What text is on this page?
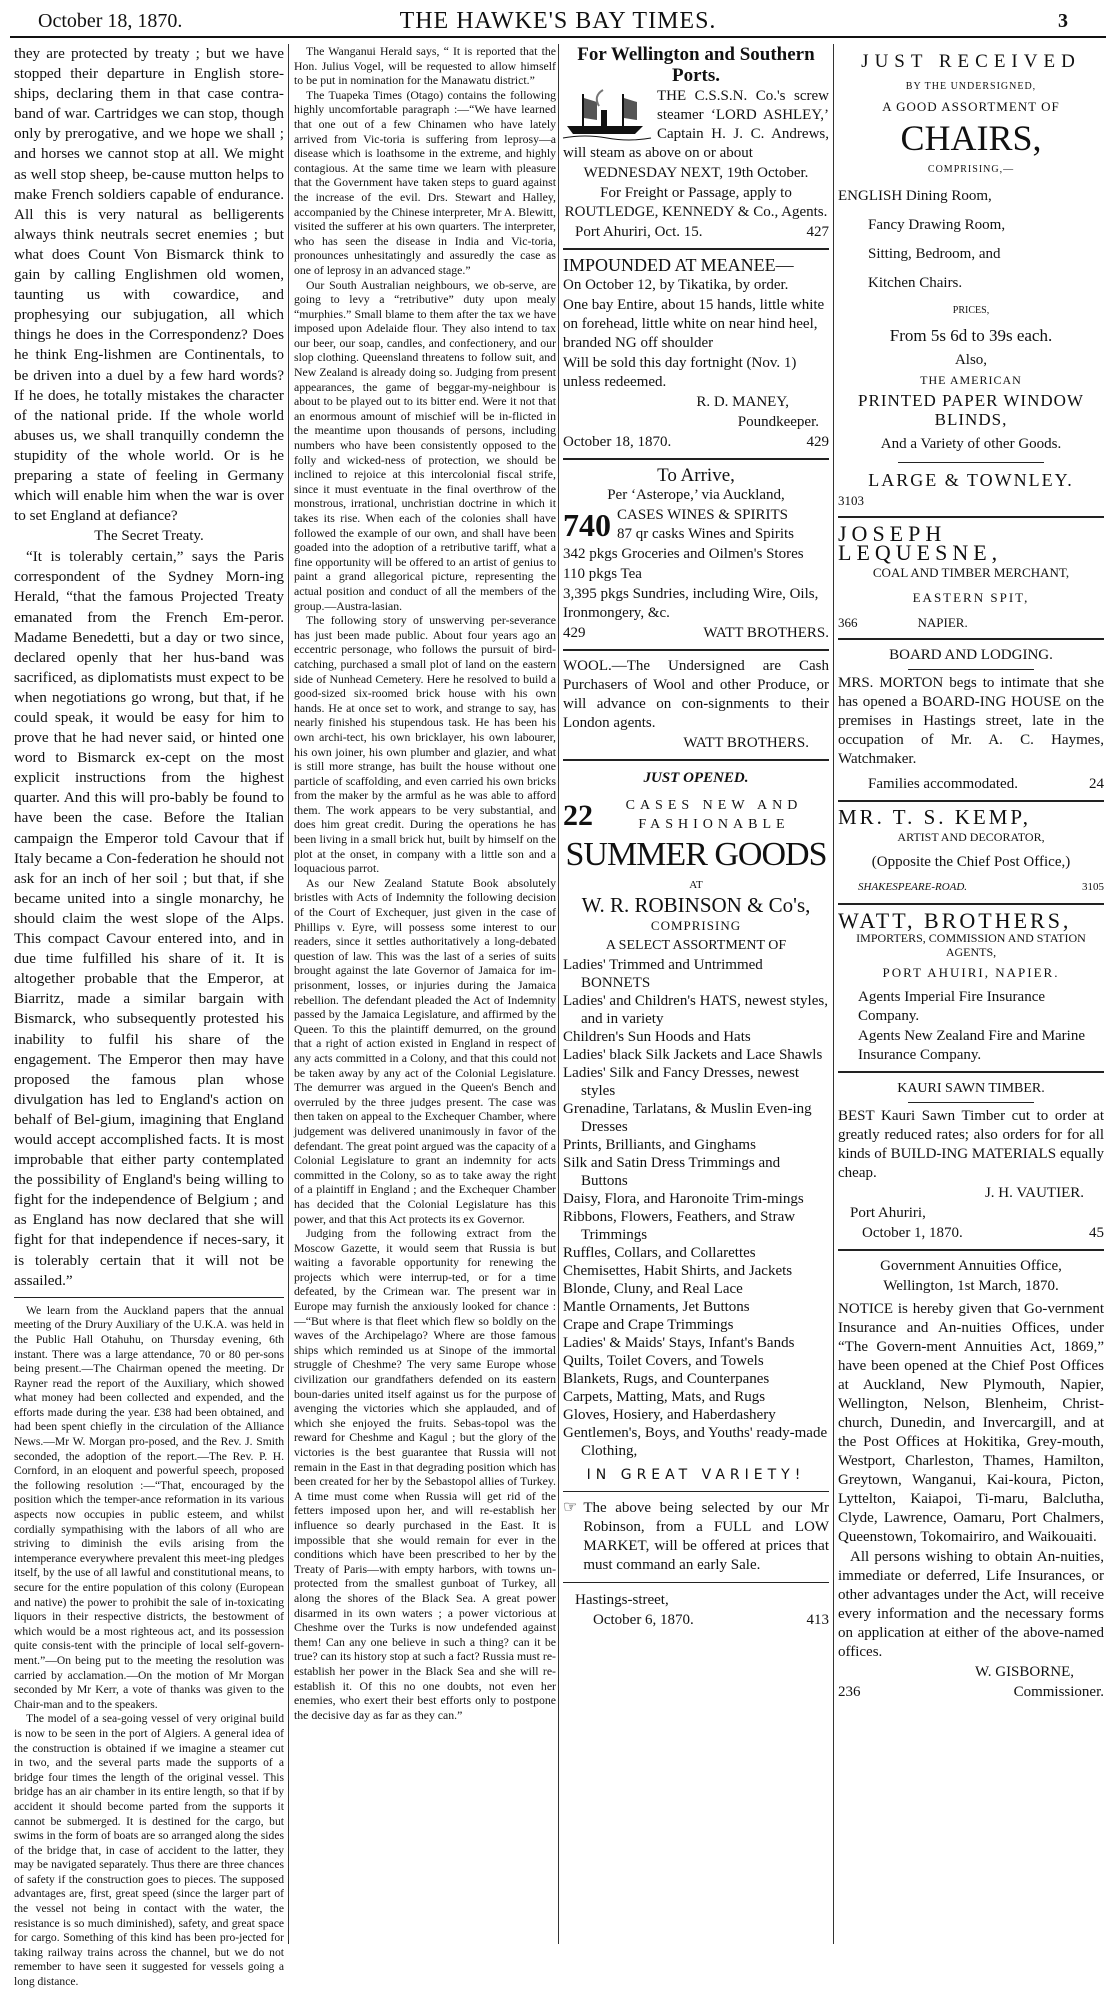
October 18, 1870.	THE HAWKE'S BAY TIMES.	3

they are protected by treaty ; but we have stopped their departure in English store-ships, declaring them in that case contra-band of war. Cartridges we can stop, though only by prerogative, and we hope we shall ; and horses we cannot stop at all. We might as well stop sheep, be-cause mutton helps to make French soldiers capable of endurance. All this is very natural as belligerents always think neutrals secret enemies ; but what does Count Von Bismarck think to gain by calling Englishmen old women, taunting us with cowardice, and prophesying our subjugation, all which things he does in the Correspondenz? Does he think Eng-lishmen are Continentals, to be driven into a duel by a few hard words? If he does, he totally mistakes the character of the national pride. If the whole world abuses us, we shall tranquilly condemn the stupidity of the whole world. Or is he preparing a state of feeling in Germany which will enable him when the war is over to set England at defiance?

The Secret Treaty.

“It is tolerably certain,” says the Paris correspondent of the Sydney Morn-ing Herald, “that the famous Projected Treaty emanated from the French Em-peror. Madame Benedetti, but a day or two since, declared openly that her hus-band was sacrificed, as diplomatists must expect to be when negotiations go wrong, but that, if he could speak, it would be easy for him to prove that he had never said, or hinted one word to Bismarck ex-cept on the most explicit instructions from the highest quarter. And this will pro-bably be found to have been the case. Before the Italian campaign the Emperor told Cavour that if Italy became a Con-federation he should not ask for an inch of her soil ; but that, if she became united into a single monarchy, he should claim the west slope of the Alps. This compact Cavour entered into, and in due time fulfilled his share of it. It is altogether probable that the Emperor, at Biarritz, made a similar bargain with Bismarck, who subsequently protested his inability to fulfil his share of the engagement. The Emperor then may have proposed the famous plan whose divulgation has led to England's action on behalf of Bel-gium, imagining that England would accept accomplished facts. It is most improbable that either party contemplated the possibility of England's being willing to fight for the independence of Belgium ; and as England has now declared that she will fight for that independence if neces-sary, it is tolerably certain that it will not be assailed.”

We learn from the Auckland papers that the annual meeting of the Drury Auxiliary of the U.K.A. was held in the Public Hall Otahuhu, on Thursday evening, 6th instant. There was a large attendance, 70 or 80 per-sons being present.—The Chairman opened the meeting. Dr Rayner read the report of the Auxiliary, which showed what money had been collected and expended, and the efforts made during the year. £38 had been obtained, and had been spent chiefly in the circulation of the Alliance News.—Mr W. Morgan pro-posed, and the Rev. J. Smith seconded, the adoption of the report.—The Rev. P. H. Cornford, in an eloquent and powerful speech, proposed the following resolution :—“That, encouraged by the position which the temper-ance reformation in its various aspects now occupies in public esteem, and whilst cordially sympathising with the labors of all who are striving to diminish the evils arising from the intemperance everywhere prevalent this meet-ing pledges itself, by the use of all lawful and constitutional means, to secure for the entire population of this colony (European and native) the power to prohibit the sale of in-toxicating liquors in their respective districts, the bestowment of which would be a most righteous act, and its possession quite consis-tent with the principle of local self-govern-ment.”—On being put to the meeting the resolution was carried by acclamation.—On the motion of Mr Morgan seconded by Mr Kerr, a vote of thanks was given to the Chair-man and to the speakers.

The model of a sea-going vessel of very original build is now to be seen in the port of Algiers. A general idea of the construction is obtained if we imagine a steamer cut in two, and the several parts made the supports of a bridge four times the length of the original vessel. This bridge has an air chamber in its entire length, so that if by accident it should become parted from the supports it cannot be submerged. It is destined for the cargo, but swims in the form of boats are so arranged along the sides of the bridge that, in case of accident to the latter, they may be navigated separately. Thus there are three chances of safety if the construction goes to pieces. The supposed advantages are, first, great speed (since the larger part of the vessel not being in contact with the water, the resistance is so much diminished), safety, and great space for cargo. Something of this kind has been pro-jected for taking railway trains across the channel, but we do not remember to have seen it suggested for vessels going a long distance.

The Wanganui Herald says, “ It is reported that the Hon. Julius Vogel, will be requested to allow himself to be put in nomination for the Manawatu district.”

The Tuapeka Times (Otago) contains the following highly uncomfortable paragraph :—“We have learned that one out of a few Chinamen who have lately arrived from Vic-toria is suffering from leprosy—a disease which is loathsome in the extreme, and highly contagious. At the same time we learn with pleasure that the Government have taken steps to guard against the increase of the evil. Drs. Stewart and Halley, accompanied by the Chinese interpreter, Mr A. Blewitt, visited the sufferer at his own quarters. The interpreter, who has seen the disease in India and Vic-toria, pronounces unhesitatingly and assuredly the case as one of leprosy in an advanced stage.”

Our South Australian neighbours, we ob-serve, are going to levy a “retributive” duty upon mealy “murphies.” Small blame to them after the tax we have imposed upon Adelaide flour. They also intend to tax our beer, our soap, candles, and confectionery, and our slop clothing. Queensland threatens to follow suit, and New Zealand is already doing so. Judging from present appearances, the game of beggar-my-neighbour is about to be played out to its bitter end. Were it not that an enormous amount of mischief will be in-flicted in the meantime upon thousands of persons, including numbers who have been consistently opposed to the folly and wicked-ness of protection, we should be inclined to rejoice at this intercolonial fiscal strife, since it must eventuate in the final overthrow of the monstrous, irrational, unchristian doctrine in which it takes its rise. When each of the colonies shall have followed the example of our own, and shall have been goaded into the adoption of a retributive tariff, what a fine opportunity will be offered to an artist of genius to paint a grand allegorical picture, representing the actual position and conduct of all the members of the group.—Austra-lasian.

The following story of unswerving per-severance has just been made public. About four years ago an eccentric personage, who follows the pursuit of bird-catching, purchased a small plot of land on the eastern side of Nunhead Cemetery. Here he resolved to build a good-sized six-roomed brick house with his own hands. He at once set to work, and strange to say, has nearly finished his stupendous task. He has been his own archi-tect, his own bricklayer, his own labourer, his own joiner, his own plumber and glazier, and what is still more strange, has built the house without one particle of scaffolding, and even carried his own bricks from the maker by the armful as he was able to afford them. The work appears to be very substantial, and does him great credit. During the operations he has been living in a small brick hut, built by himself on the plot at the onset, in company with a little son and a loquacious parrot.

As our New Zealand Statute Book absolutely bristles with Acts of Indemnity the following decision of the Court of Exchequer, just given in the case of Phillips v. Eyre, will possess some interest to our readers, since it settles authoritatively a long-debated question of law. This was the last of a series of suits brought against the late Governor of Jamaica for im-prisonment, losses, or injuries during the Jamaica rebellion. The defendant pleaded the Act of Indemnity passed by the Jamaica Legislature, and affirmed by the Queen. To this the plaintiff demurred, on the ground that a right of action existed in England in respect of any acts committed in a Colony, and that this could not be taken away by any act of the Colonial Legislature. The demurrer was argued in the Queen's Bench and overruled by the three judges present. The case was then taken on appeal to the Exchequer Chamber, where judgement was delivered unanimously in favor of the defendant. The great point argued was the capacity of a Colonial Legislature to grant an indemnity for acts committed in the Colony, so as to take away the right of a plaintiff in England ; and the Exchequer Chamber has decided that the Colonial Legislature has this power, and that this Act protects its ex Governor.

Judging from the following extract from the Moscow Gazette, it would seem that Russia is but waiting a favorable opportunity for renewing the projects which were interrup-ted, or for a time defeated, by the Crimean war. The present war in Europe may furnish the anxiously looked for chance :—“But where is that fleet which flew so boldly on the waves of the Archipelago? Where are those famous ships which reminded us at Sinope of the immortal struggle of Cheshme? The very same Europe whose civilization our grandfathers defended on its eastern boun-daries united itself against us for the purpose of avenging the victories which she applauded, and of which she enjoyed the fruits. Sebas-topol was the reward for Cheshme and Kagul ; but the glory of the victories is the best guarantee that Russia will not remain in the East in that degrading position which has been created for her by the Sebastopol allies of Turkey. A time must come when Russia will get rid of the fetters imposed upon her, and will re-establish her influence so dearly purchased in the East. It is impossible that she would remain for ever in the conditions which have been prescribed to her by the Treaty of Paris—with empty harbors, with towns un-protected from the smallest gunboat of Turkey, all along the shores of the Black Sea. A great power disarmed in its own waters ; a power victorious at Cheshme over the Turks is now undefended against them! Can any one believe in such a thing? can it be true? can its history stop at such a fact? Russia must re-establish her power in the Black Sea and she will re-establish it. Of this no one doubts, not even her enemies, who exert their best efforts only to postpone the decisive day as far as they can.”

For Wellington and Southern Ports.

THE C.S.S.N. Co.'s screw steamer ‘LORD ASHLEY,’ Captain H. J. C. Andrews, will steam as above on or about

WEDNESDAY NEXT, 19th October.

For Freight or Passage, apply to ROUTLEDGE, KENNEDY & Co., Agents.

Port Ahuriri, Oct. 15.	427

IMPOUNDED AT MEANEE—

On October 12, by Tikatika, by order.

One bay Entire, about 15 hands, little white on forehead, little white on near hind heel, branded NG off shoulder

Will be sold this day fortnight (Nov. 1) unless redeemed.

R. D. MANEY,

Poundkeeper.

October 18, 1870.	429

To Arrive,

Per ‘Asterope,’ via Auckland,

740 CASES WINES & SPIRITS
87 qr casks Wines and Spirits

342 pkgs Groceries and Oilmen's Stores

110 pkgs Tea

3,395 pkgs Sundries, including Wire, Oils, Ironmongery, &c.

429	WATT BROTHERS.

WOOL.—The Undersigned are Cash Purchasers of Wool and other Produce, or will advance on con-signments to their London agents.

WATT BROTHERS.

JUST OPENED.

22	CASES NEW AND FASHIONABLE

SUMMER GOODS

AT

W. R. ROBINSON & Co's,

COMPRISING

A SELECT ASSORTMENT OF

Ladies' Trimmed and Untrimmed BONNETS
Ladies' and Children's HATS, newest styles, and in variety
Children's Sun Hoods and Hats
Ladies' black Silk Jackets and Lace Shawls
Ladies' Silk and Fancy Dresses, newest styles
Grenadine, Tarlatans, & Muslin Even-ing Dresses
Prints, Brilliants, and Ginghams
Silk and Satin Dress Trimmings and Buttons
Daisy, Flora, and Haronoite Trim-mings
Ribbons, Flowers, Feathers, and Straw Trimmings
Ruffles, Collars, and Collarettes
Chemisettes, Habit Shirts, and Jackets
Blonde, Cluny, and Real Lace
Mantle Ornaments, Jet Buttons
Crape and Crape Trimmings
Ladies' & Maids' Stays, Infant's Bands
Quilts, Toilet Covers, and Towels
Blankets, Rugs, and Counterpanes
Carpets, Matting, Mats, and Rugs
Gloves, Hosiery, and Haberdashery
Gentlemen's, Boys, and Youths' ready-made Clothing,

IN GREAT VARIETY!

☞ The above being selected by our Mr Robinson, from a FULL and LOW MARKET, will be offered at prices that must command an early Sale.

Hastings-street,

October 6, 1870.	413

JUST RECEIVED

BY THE UNDERSIGNED,

A GOOD ASSORTMENT OF

CHAIRS,

COMPRISING,—

ENGLISH Dining Room,

Fancy Drawing Room,

Sitting, Bedroom, and

Kitchen Chairs.

PRICES,

From 5s 6d to 39s each.

Also,

THE AMERICAN

PRINTED PAPER WINDOW BLINDS,

And a Variety of other Goods.

LARGE & TOWNLEY.

3103

JOSEPH LEQUESNE,

COAL AND TIMBER MERCHANT,

EASTERN SPIT,

366	NAPIER.

BOARD AND LODGING.

MRS. MORTON begs to intimate that she has opened a BOARD-ING HOUSE on the premises in Hastings street, late in the occupation of Mr. A. C. Haymes, Watchmaker.

Families accommodated.	24

MR. T. S. KEMP,

ARTIST AND DECORATOR,

(Opposite the Chief Post Office,)

SHAKESPEARE-ROAD.	3105

WATT, BROTHERS,

IMPORTERS, COMMISSION AND STATION AGENTS,

PORT AHUIRI, NAPIER.

Agents Imperial Fire Insurance Company.

Agents New Zealand Fire and Marine Insurance Company.

KAURI SAWN TIMBER.

BEST Kauri Sawn Timber cut to order at greatly reduced rates; also orders for for all kinds of BUILD-ING MATERIALS equally cheap.

J. H. VAUTIER.

Port Ahuriri,

October 1, 1870.	45

Government Annuities Office,

Wellington, 1st March, 1870.

NOTICE is hereby given that Go-vernment Insurance and An-nuities Offices, under “The Govern-ment Annuities Act, 1869,” have been opened at the Chief Post Offices at Auckland, New Plymouth, Napier, Wellington, Nelson, Blenheim, Christ-church, Dunedin, and Invercargill, and at the Post Offices at Hokitika, Grey-mouth, Westport, Charleston, Thames, Hamilton, Greytown, Wanganui, Kai-koura, Picton, Lyttelton, Kaiapoi, Ti-maru, Balclutha, Clyde, Lawrence, Oamaru, Port Chalmers, Queenstown, Tokomairiro, and Waikouaiti.

All persons wishing to obtain An-nuities, immediate or deferred, Life Insurances, or other advantages under the Act, will receive every information and the necessary forms on application at either of the above-named offices.

W. GISBORNE,

236	Commissioner.
